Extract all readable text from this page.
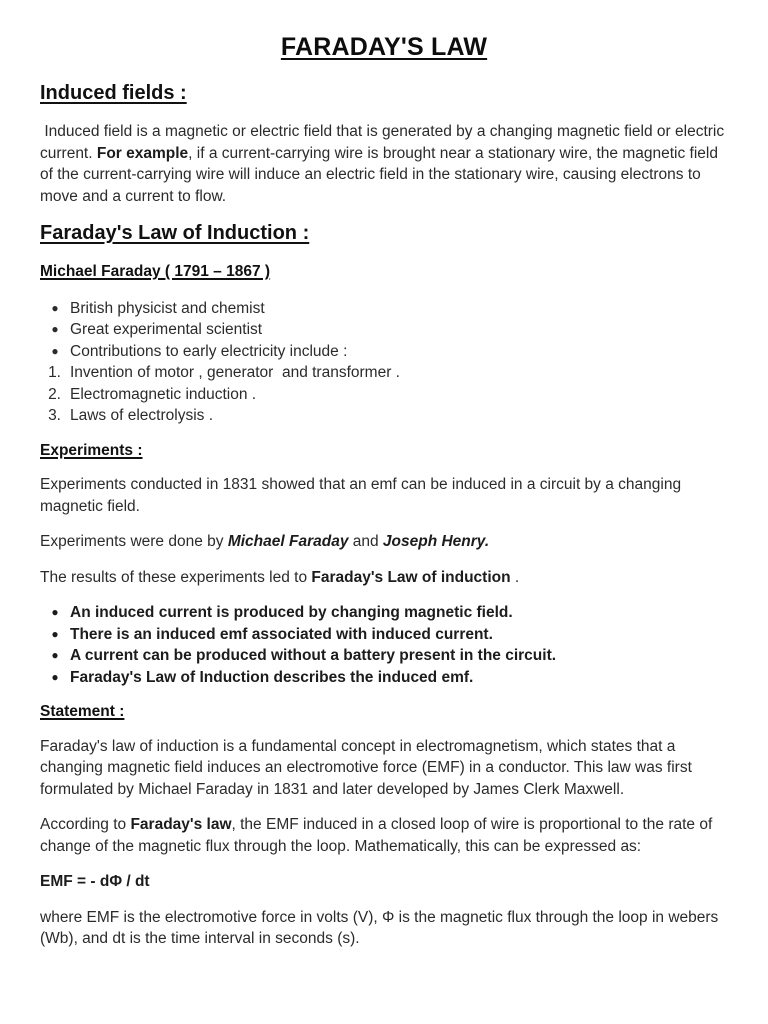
FARADAY'S LAW
Induced fields :

Induced field is a magnetic or electric field that is generated by a changing magnetic field or electric current. For example, if a current-carrying wire is brought near a stationary wire, the magnetic field of the current-carrying wire will induce an electric field in the stationary wire, causing electrons to move and a current to flow.

Faraday's Law of Induction :
Michael Faraday ( 1791 – 1867 )
● British physicist and chemist
● Great experimental scientist
● Contributions to early electricity include :
1. Invention of motor , generator  and transformer .
2. Electromagnetic induction .
3. Laws of electrolysis .
Experiments :

Experiments conducted in 1831 showed that an emf can be induced in a circuit by a changing magnetic field.

Experiments were done by Michael Faraday and Joseph Henry.

The results of these experiments led to Faraday's Law of induction .

● An induced current is produced by changing magnetic field.
● There is an induced emf associated with induced current.
● A current can be produced without a battery present in the circuit.
● Faraday's Law of Induction describes the induced emf.
Statement :

Faraday's law of induction is a fundamental concept in electromagnetism, which states that a changing magnetic field induces an electromotive force (EMF) in a conductor. This law was first formulated by Michael Faraday in 1831 and later developed by James Clerk Maxwell.

According to Faraday's law, the EMF induced in a closed loop of wire is proportional to the rate of change of the magnetic flux through the loop. Mathematically, this can be expressed as:

EMF = - dΦ / dt

where EMF is the electromotive force in volts (V), Φ is the magnetic flux through the loop in webers (Wb), and dt is the time interval in seconds (s).
